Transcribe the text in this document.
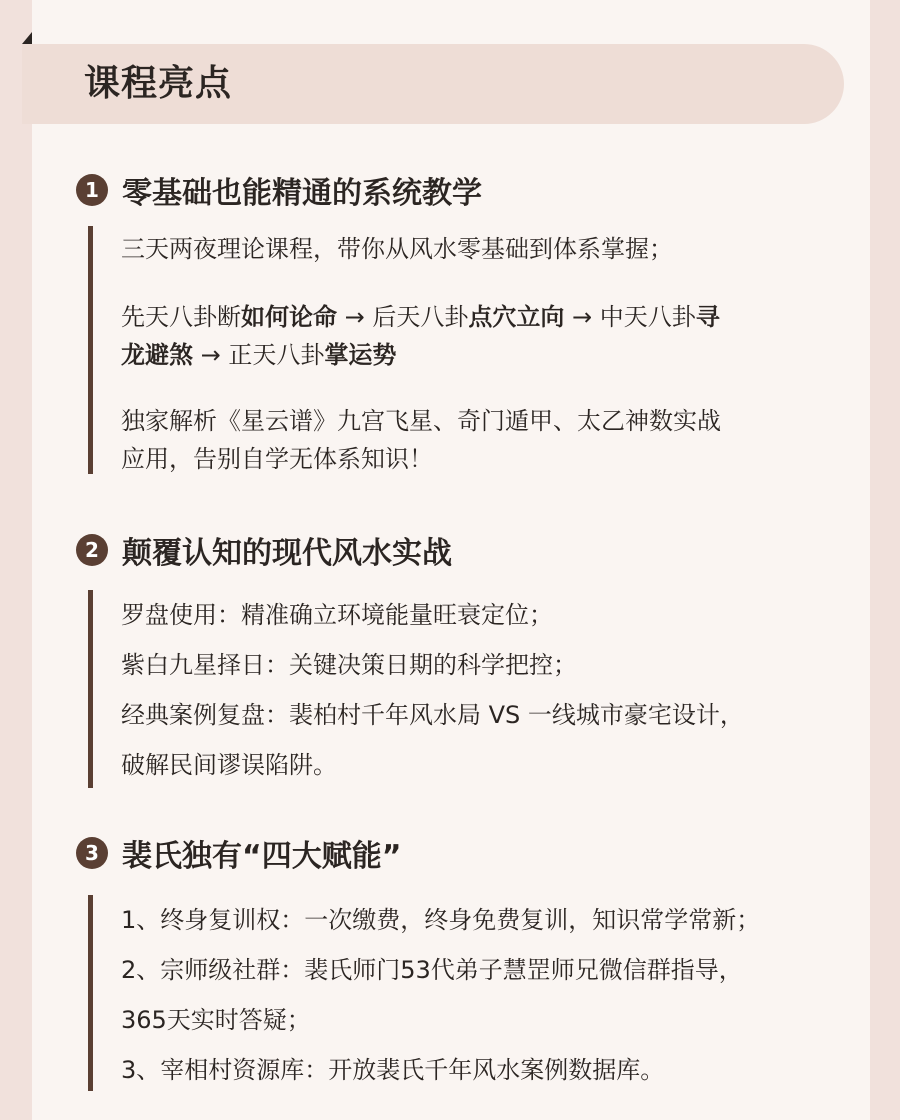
课程亮点
1 零基础也能精通的系统教学
三天两夜理论课程，带你从风水零基础到体系掌握；
先天八卦断如何论命 → 后天八卦点穴立向 → 中天八卦寻
龙避煞 → 正天八卦掌运势
独家解析《星云谱》九宫飞星、奇门遁甲、太乙神数实战
应用，告别自学无体系知识！
2 颠覆认知的现代风水实战
罗盘使用：精准确立环境能量旺衰定位；
紫白九星择日：关键决策日期的科学把控；
经典案例复盘：裴柏村千年风水局 VS 一线城市豪宅设计，
破解民间谬误陷阱。
3 裴氏独有“四大赋能”
1、终身复训权：一次缴费，终身免费复训，知识常学常新；
2、宗师级社群：裴氏师门53代弟子慧罡师兄微信群指导，
365天实时答疑；
3、宰相村资源库：开放裴氏千年风水案例数据库。
